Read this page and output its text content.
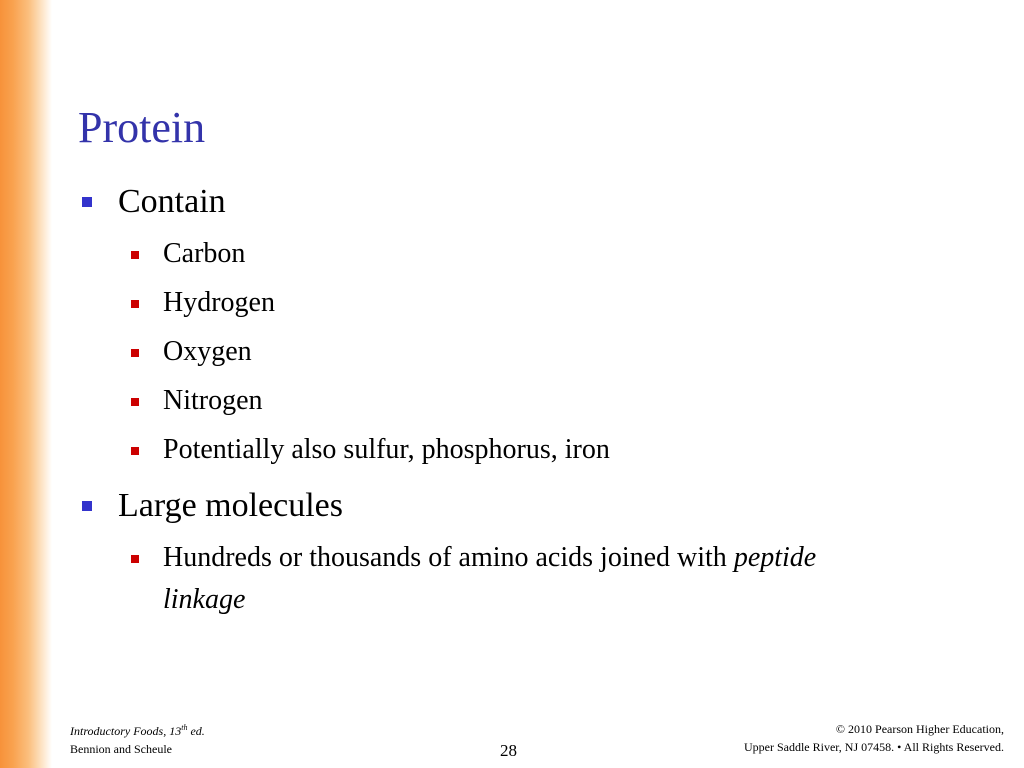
Protein
Contain
Carbon
Hydrogen
Oxygen
Nitrogen
Potentially also sulfur, phosphorus, iron
Large molecules
Hundreds or thousands of amino acids joined with peptide
linkage
Introductory Foods, 13th ed.
Bennion and Scheule	28
© 2010 Pearson Higher Education,
Upper Saddle River, NJ 07458. • All Rights Reserved.
